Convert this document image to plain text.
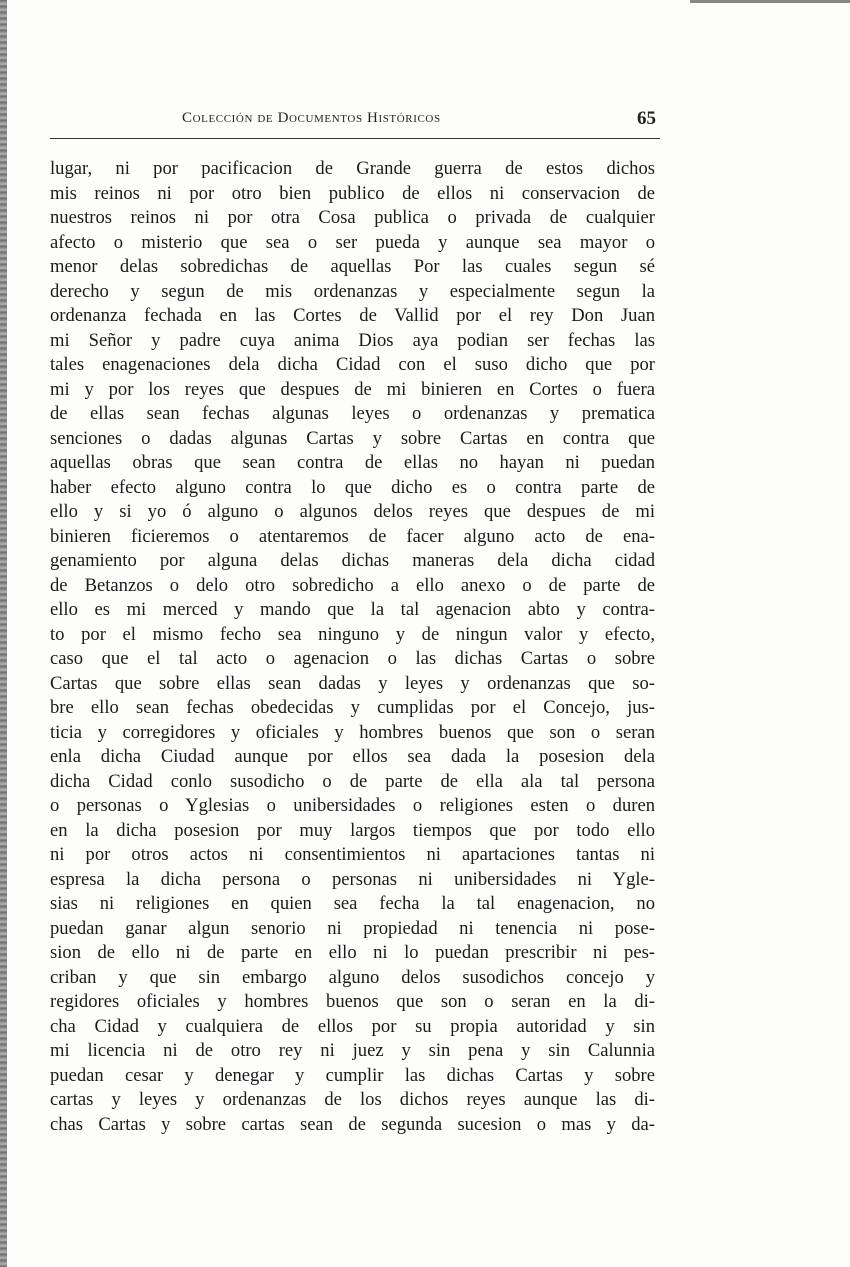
Colección de Documentos Históricos	65
lugar, ni por pacificacion de Grande guerra de estos dichos
mis reinos ni por otro bien publico de ellos ni conservacion de
nuestros reinos ni por otra Cosa publica o privada de cualquier
afecto o misterio que sea o ser pueda y aunque sea mayor o
menor delas sobredichas de aquellas Por las cuales segun sé
derecho y segun de mis ordenanzas y especialmente segun la
ordenanza fechada en las Cortes de Vallid por el rey Don Juan
mi Señor y padre cuya anima Dios aya podian ser fechas las
tales enagenaciones dela dicha Cidad con el suso dicho que por
mi y por los reyes que despues de mi binieren en Cortes o fuera
de ellas sean fechas algunas leyes o ordenanzas y prematica
senciones o dadas algunas Cartas y sobre Cartas en contra que
aquellas obras que sean contra de ellas no hayan ni puedan
haber efecto alguno contra lo que dicho es o contra parte de
ello y si yo ó alguno o algunos delos reyes que despues de mi
binieren ficieremos o atentaremos de facer alguno acto de ena-
genamiento por alguna delas dichas maneras dela dicha cidad
de Betanzos o delo otro sobredicho a ello anexo o de parte de
ello es mi merced y mando que la tal agenacion abto y contra-
to por el mismo fecho sea ninguno y de ningun valor y efecto,
caso que el tal acto o agenacion o las dichas Cartas o sobre
Cartas que sobre ellas sean dadas y leyes y ordenanzas que so-
bre ello sean fechas obedecidas y cumplidas por el Concejo, jus-
ticia y corregidores y oficiales y hombres buenos que son o seran
enla dicha Ciudad aunque por ellos sea dada la posesion dela
dicha Cidad conlo susodicho o de parte de ella ala tal persona
o personas o Yglesias o unibersidades o religiones esten o duren
en la dicha posesion por muy largos tiempos que por todo ello
ni por otros actos ni consentimientos ni apartaciones tantas ni
espresa la dicha persona o personas ni unibersidades ni Ygle-
sias ni religiones en quien sea fecha la tal enagenacion, no
puedan ganar algun senorio ni propiedad ni tenencia ni pose-
sion de ello ni de parte en ello ni lo puedan prescribir ni pes-
criban y que sin embargo alguno delos susodichos concejo y
regidores oficiales y hombres buenos que son o seran en la di-
cha Cidad y cualquiera de ellos por su propia autoridad y sin
mi licencia ni de otro rey ni juez y sin pena y sin Calunnia
puedan cesar y denegar y cumplir las dichas Cartas y sobre
cartas y leyes y ordenanzas de los dichos reyes aunque las di-
chas Cartas y sobre cartas sean de segunda sucesion o mas y da-
